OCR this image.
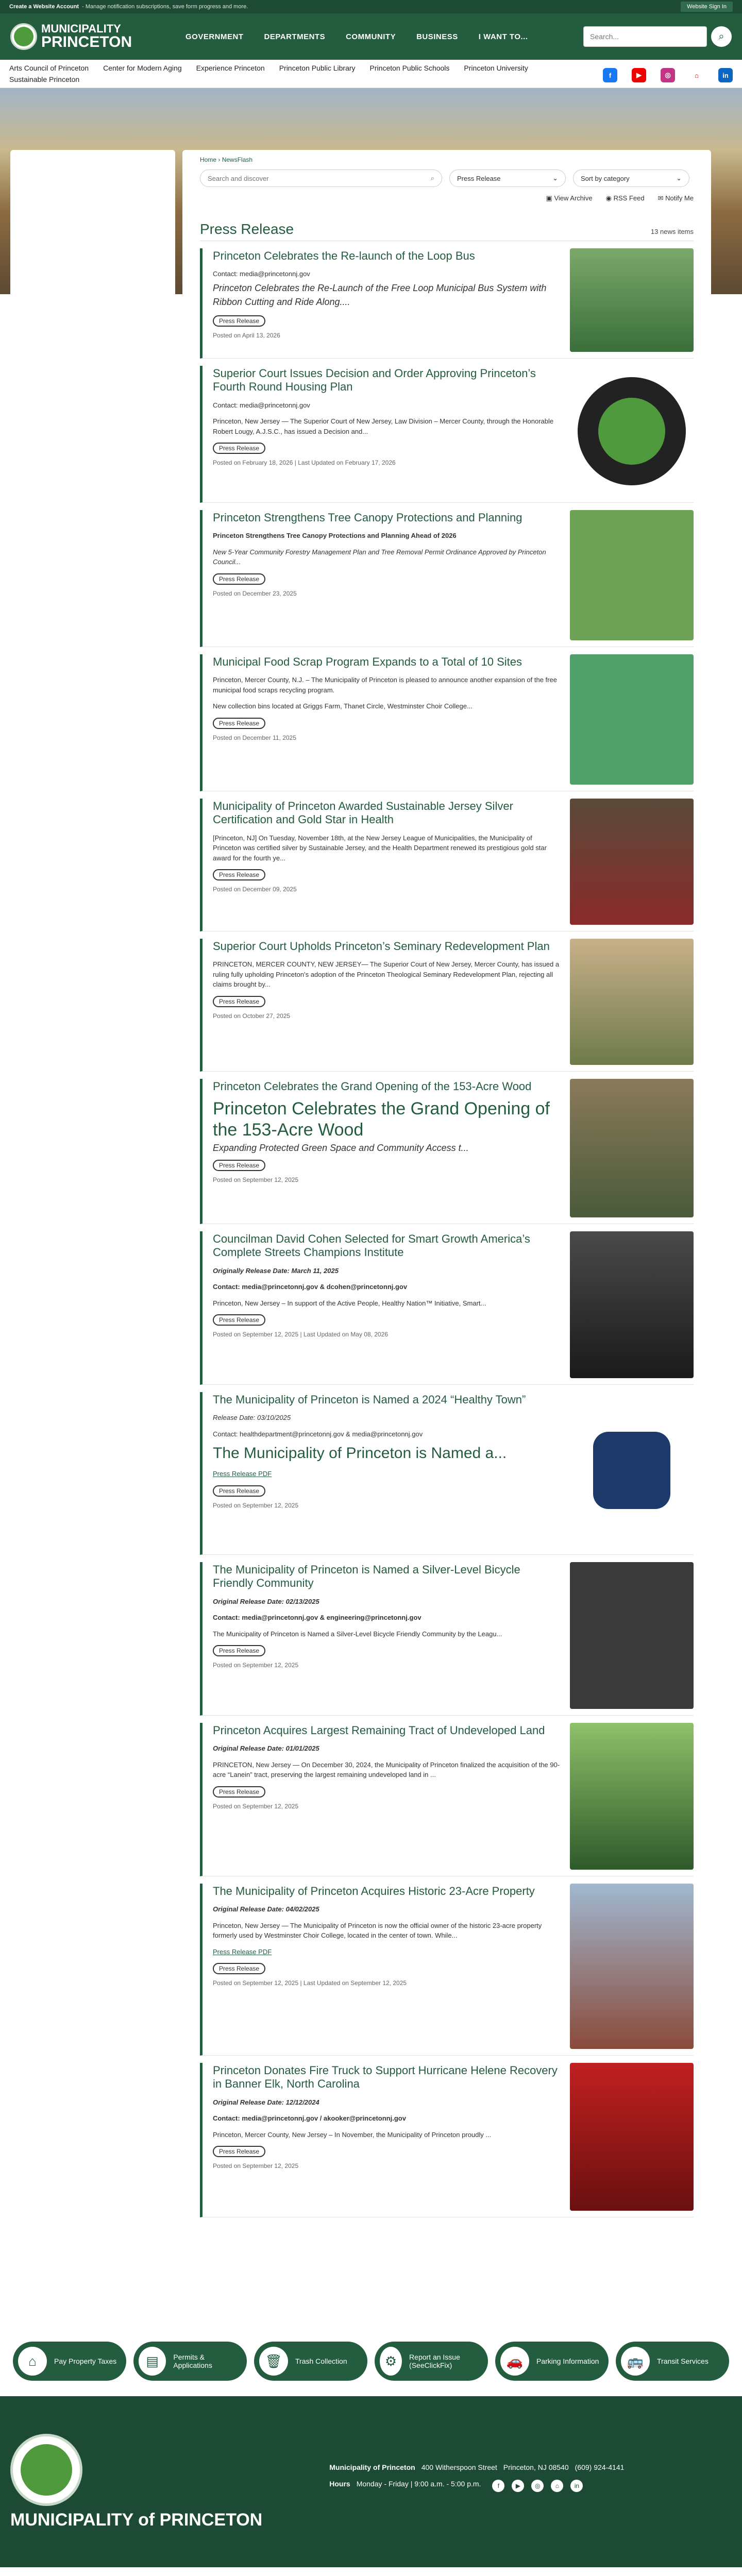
Create a Website Account - Manage notification subscriptions, save form progress and more.	Website Sign In
MUNICIPALITY
PRINCETON	GOVERNMENT	DEPARTMENTS	COMMUNITY	BUSINESS	I WANT TO...
Search...	⌕
Arts Council of Princeton Center for Modern Aging Experience Princeton Princeton Public Library Princeton Public Schools Princeton University
Sustainable Princeton	f	▶	◎	⌂	in
Home › NewsFlash
Search and discover	⌕	Press Release	⌄	Sort by category	⌄
▣ View Archive ◉ RSS Feed ✉ Notify Me
Press Release	13 news items
Princeton Celebrates the Re-launch of the Loop Bus
Contact: media@princetonnj.gov
Princeton Celebrates the Re-Launch of the Free Loop Municipal Bus System with Ribbon Cutting and Ride Along....
Press Release
Posted on April 13, 2026
Superior Court Issues Decision and Order Approving Princeton’s Fourth Round Housing Plan
Contact: media@princetonnj.gov
Princeton, New Jersey — The Superior Court of New Jersey, Law Division – Mercer County, through the Honorable Robert Lougy, A.J.S.C., has issued a Decision and...
Press Release
Posted on February 18, 2026 | Last Updated on February 17, 2026
Princeton Strengthens Tree Canopy Protections and Planning
Princeton Strengthens Tree Canopy Protections and Planning Ahead of 2026
New 5-Year Community Forestry Management Plan and Tree Removal Permit Ordinance Approved by Princeton Council...
Press Release
Posted on December 23, 2025
Municipal Food Scrap Program Expands to a Total of 10 Sites
Princeton, Mercer County, N.J. – The Municipality of Princeton is pleased to announce another expansion of the free municipal food scraps recycling program.
New collection bins located at Griggs Farm, Thanet Circle, Westminster Choir College...
Press Release
Posted on December 11, 2025
Municipality of Princeton Awarded Sustainable Jersey Silver Certification and Gold Star in Health
[Princeton, NJ] On Tuesday, November 18th, at the New Jersey League of Municipalities, the Municipality of Princeton was certified silver by Sustainable Jersey, and the Health Department renewed its prestigious gold star award for the fourth ye...
Press Release
Posted on December 09, 2025
Superior Court Upholds Princeton’s Seminary Redevelopment Plan
PRINCETON, MERCER COUNTY, NEW JERSEY— The Superior Court of New Jersey, Mercer County, has issued a ruling fully upholding Princeton’s adoption of the Princeton Theological Seminary Redevelopment Plan, rejecting all claims brought by...
Press Release
Posted on October 27, 2025
Princeton Celebrates the Grand Opening of the 153-Acre Wood
Princeton Celebrates the Grand Opening of the 153-Acre Wood
Expanding Protected Green Space and Community Access t...
Press Release
Posted on September 12, 2025
Councilman David Cohen Selected for Smart Growth America’s Complete Streets Champions Institute
Originally Release Date: March 11, 2025
Contact: media@princetonnj.gov & dcohen@princetonnj.gov
Princeton, New Jersey – In support of the Active People, Healthy Nation™ Initiative, Smart...
Press Release
Posted on September 12, 2025 | Last Updated on May 08, 2026
The Municipality of Princeton is Named a 2024 “Healthy Town”
Release Date: 03/10/2025
Contact: healthdepartment@princetonnj.gov & media@princetonnj.gov
The Municipality of Princeton is Named a...
Press Release PDF
Press Release
Posted on September 12, 2025
The Municipality of Princeton is Named a Silver-Level Bicycle Friendly Community
Original Release Date: 02/13/2025
Contact: media@princetonnj.gov & engineering@princetonnj.gov
The Municipality of Princeton is Named a Silver-Level Bicycle Friendly Community by the Leagu...
Press Release
Posted on September 12, 2025
Princeton Acquires Largest Remaining Tract of Undeveloped Land
Original Release Date: 01/01/2025
PRINCETON, New Jersey — On December 30, 2024, the Municipality of Princeton finalized the acquisition of the 90-acre “Lanein” tract, preserving the largest remaining undeveloped land in ...
Press Release
Posted on September 12, 2025
The Municipality of Princeton Acquires Historic 23-Acre Property
Original Release Date: 04/02/2025
Princeton, New Jersey — The Municipality of Princeton is now the official owner of the historic 23-acre property formerly used by Westminster Choir College, located in the center of town. While...
Press Release PDF
Press Release
Posted on September 12, 2025 | Last Updated on September 12, 2025
Princeton Donates Fire Truck to Support Hurricane Helene Recovery in Banner Elk, North Carolina
Original Release Date: 12/12/2024
Contact: media@princetonnj.gov / akooker@princetonnj.gov
Princeton, Mercer County, New Jersey – In November, the Municipality of Princeton proudly ...
Press Release
Posted on September 12, 2025
⌂	Pay Property Taxes	▤	Permits & Applications	🗑	Trash Collection	⚙	Report an Issue (SeeClickFix)	🚗	Parking Information	🚌	Transit Services
MUNICIPALITY of PRINCETON
Municipality of Princeton 400 Witherspoon Street Princeton, NJ 08540 (609) 924-4141
Hours Monday - Friday | 9:00 a.m. - 5:00 p.m.	f	▶	◎	⌂	in
